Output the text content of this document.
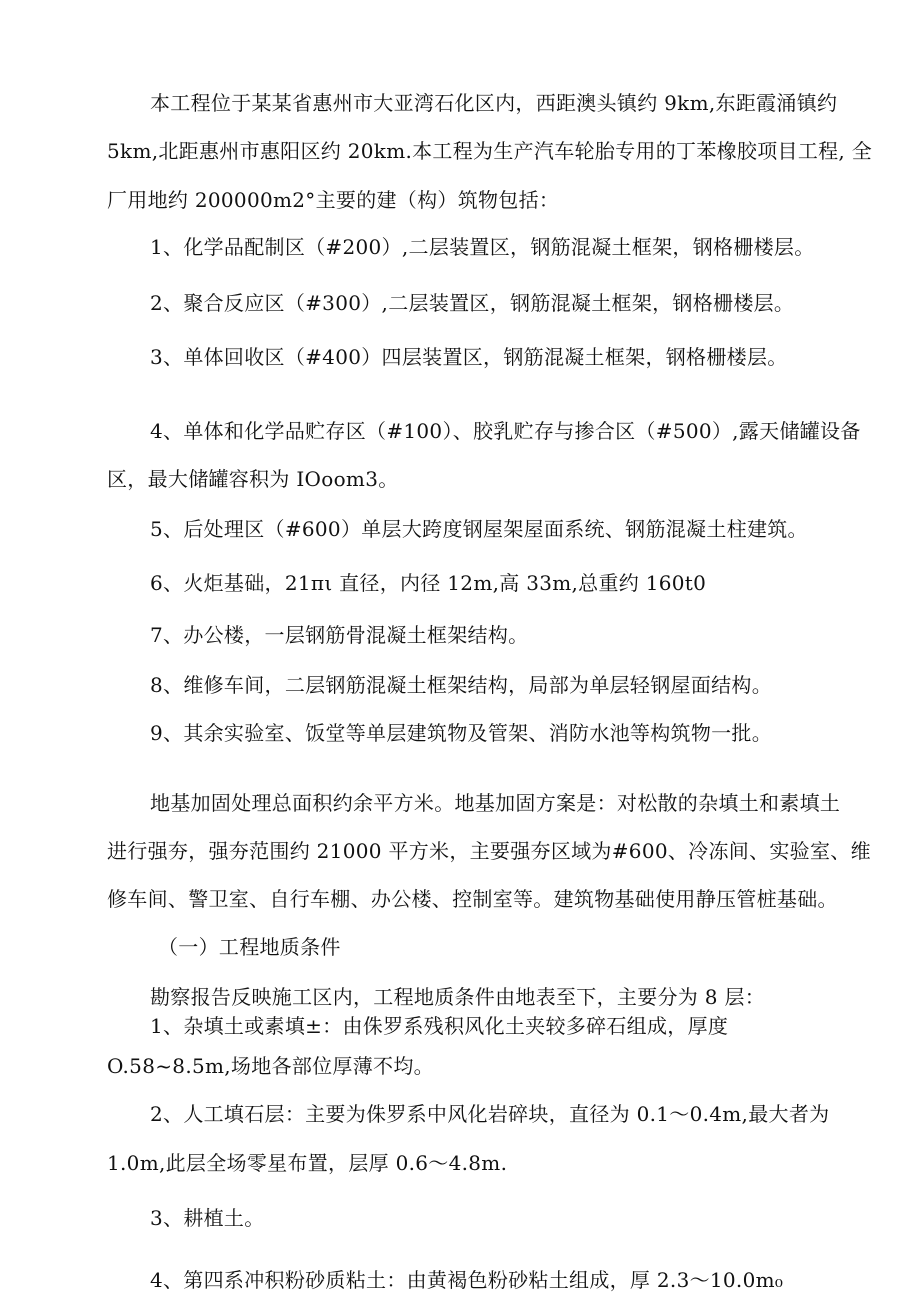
本工程位于某某省惠州市大亚湾石化区内，西距澳头镇约 9km,东距霞涌镇约
5km,北距惠州市惠阳区约 20km.本工程为生产汽车轮胎专用的丁苯橡胶项目工程, 全
厂用地约 200000m2°主要的建（构）筑物包括：
1、化学品配制区（#200）,二层装置区，钢筋混凝土框架，钢格栅楼层。
2、聚合反应区（#300）,二层装置区，钢筋混凝土框架，钢格栅楼层。
3、单体回收区（#400）四层装置区，钢筋混凝土框架，钢格栅楼层。
4、单体和化学品贮存区（#100）、胶乳贮存与掺合区（#500）,露天储罐设备
区，最大储罐容积为 IOoom3。
5、后处理区（#600）单层大跨度钢屋架屋面系统、钢筋混凝土柱建筑。
6、火炬基础，21πι 直径，内径 12m,高 33m,总重约 160t0
7、办公楼，一层钢筋骨混凝土框架结构。
8、维修车间，二层钢筋混凝土框架结构，局部为单层轻钢屋面结构。
9、其余实验室、饭堂等单层建筑物及管架、消防水池等构筑物一批。
地基加固处理总面积约余平方米。地基加固方案是：对松散的杂填土和素填土
进行强夯，强夯范围约 21000 平方米，主要强夯区域为#600、冷冻间、实验室、维
修车间、警卫室、自行车棚、办公楼、控制室等。建筑物基础使用静压管桩基础。
（一）工程地质条件
勘察报告反映施工区内，工程地质条件由地表至下，主要分为 8 层：
1、杂填土或素填±：由侏罗系残积风化土夹较多碎石组成，厚度
O.58~8.5m,场地各部位厚薄不均。
2、人工填石层：主要为侏罗系中风化岩碎块，直径为 0.1～0.4m,最大者为
1.0m,此层全场零星布置，层厚 0.6～4.8m.
3、耕植土。
4、第四系冲积粉砂质粘土：由黄褐色粉砂粘土组成，厚 2.3～10.0m₀
